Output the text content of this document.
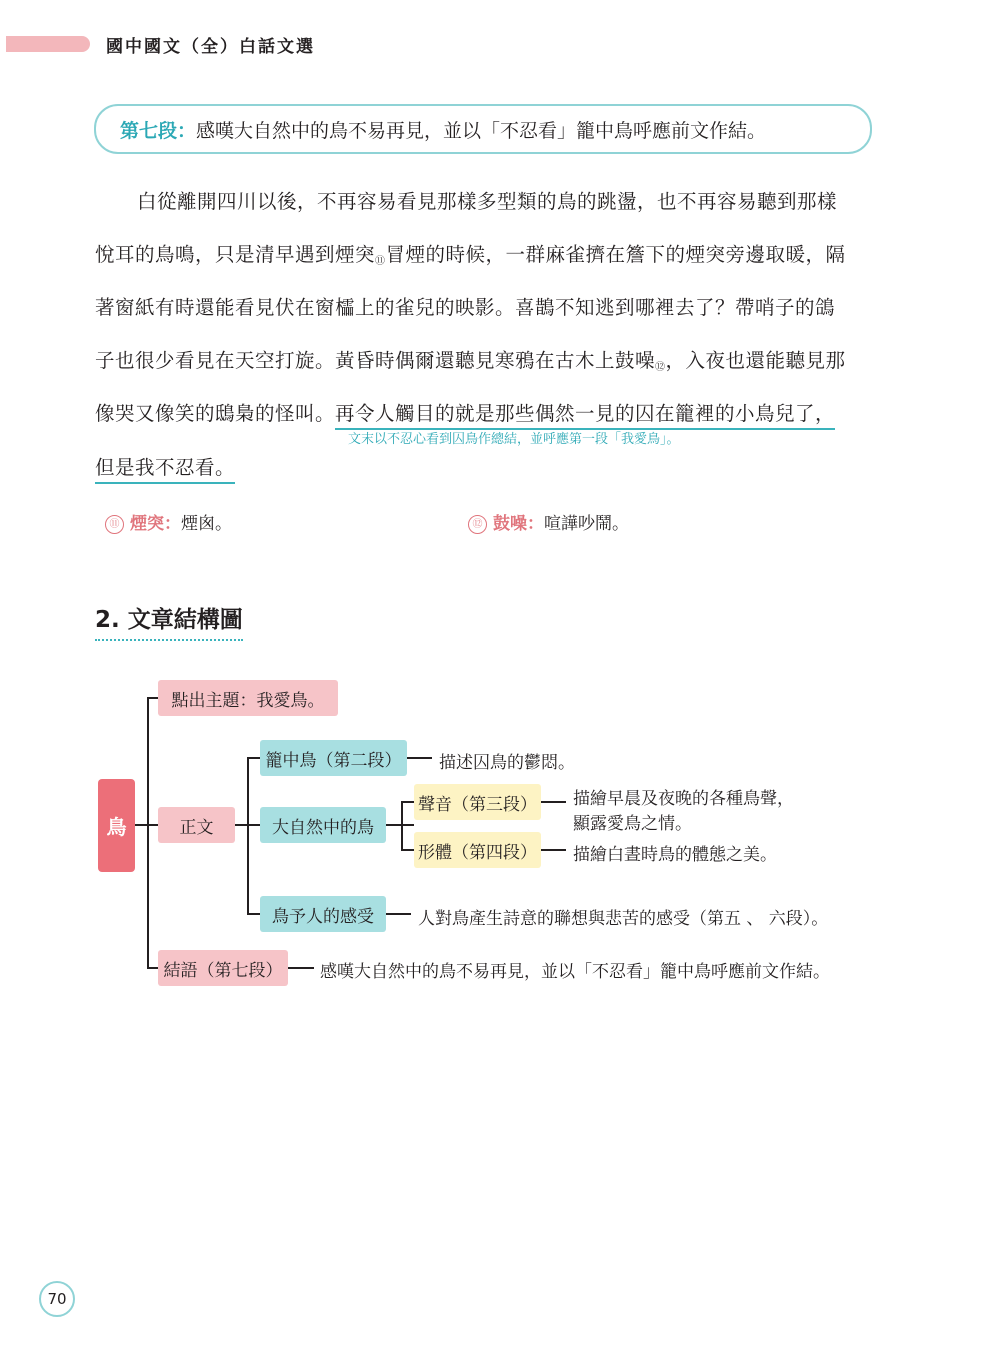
國中國文（全）白話文選
第七段： 感嘆大自然中的鳥不易再見，並以「不忍看」籠中鳥呼應前文作結。
白從離開四川以後，不再容易看見那樣多型類的鳥的跳盪，也不再容易聽到那樣
悅耳的鳥鳴，只是清早遇到煙突⑪冒煙的時候，一群麻雀擠在簷下的煙突旁邊取暖，隔
著窗紙有時還能看見伏在窗櫺上的雀兒的映影。喜鵲不知逃到哪裡去了？帶哨子的鴿
子也很少看見在天空打旋。黃昏時偶爾還聽見寒鴉在古木上鼓噪⑫，入夜也還能聽見那
像哭又像笑的鴟梟的怪叫。再令人觸目的就是那些偶然一見的囚在籠裡的小鳥兒了，
文末以不忍心看到囚鳥作總結，並呼應第一段「我愛鳥」。
但是我不忍看。
⑪ 煙突：煙囪。	⑫ 鼓噪：喧譁吵鬧。
2. 文章結構圖
鳥
點出主題：我愛鳥。
正文
籠中鳥（第二段）	描述囚鳥的鬱悶。
大自然中的鳥
聲音（第三段） 描繪早晨及夜晚的各種鳥聲，
顯露愛鳥之情。
形體（第四段） 描繪白晝時鳥的體態之美。
鳥予人的感受	人對鳥產生詩意的聯想與悲苦的感受（第五 、 六段）。
結語（第七段）	感嘆大自然中的鳥不易再見，並以「不忍看」籠中鳥呼應前文作結。
70
